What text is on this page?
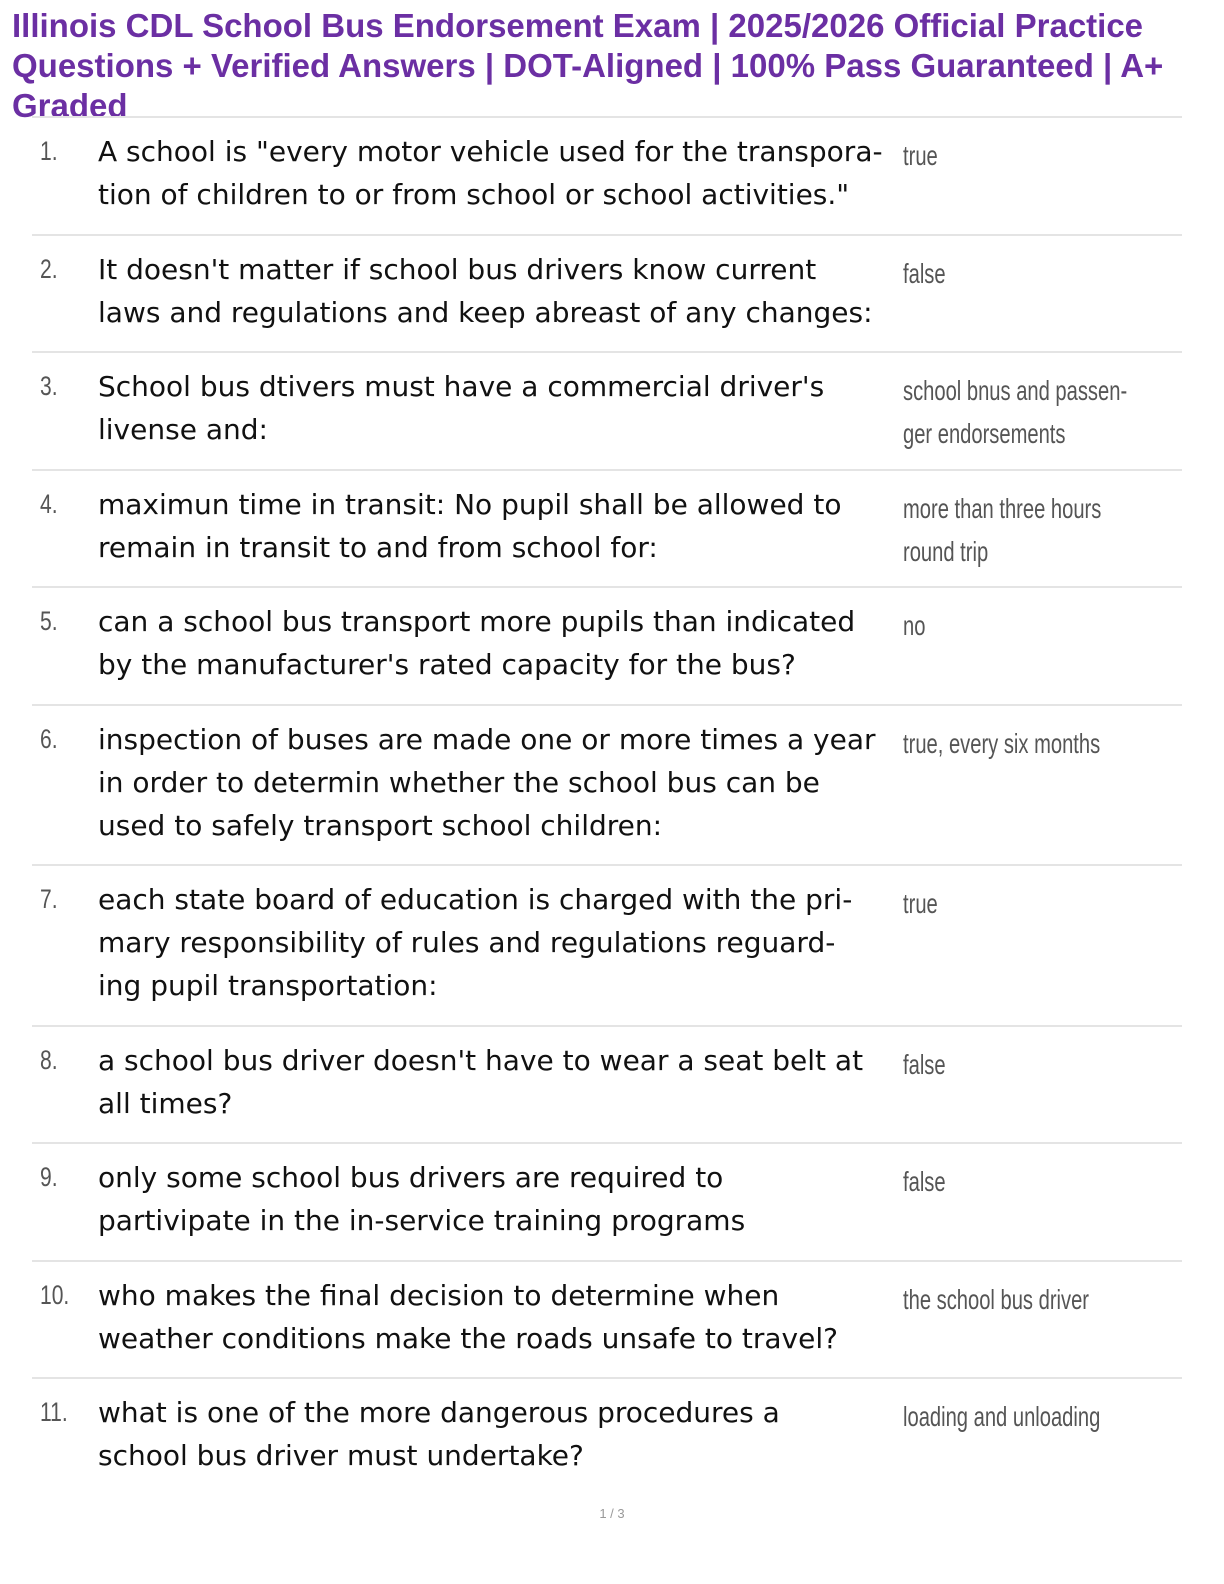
Illinois CDL School Bus Endorsement Exam | 2025/2026 Official Practice Questions + Verified Answers | DOT-Aligned | 100% Pass Guaranteed | A+ Graded
1. A school is "every motor vehicle used for the transpora-
tion of children to or from school or school activities."
true
2. It doesn't matter if school bus drivers know current
laws and regulations and keep abreast of any changes:
false
3. School bus dtivers must have a commercial driver's
livense and:
school bnus and passen-
ger endorsements
4. maximun time in transit: No pupil shall be allowed to
remain in transit to and from school for:
more than three hours
round trip
5. can a school bus transport more pupils than indicated
by the manufacturer's rated capacity for the bus?
no
6. inspection of buses are made one or more times a year
in order to determin whether the school bus can be
used to safely transport school children:
true, every six months
7. each state board of education is charged with the pri-
mary responsibility of rules and regulations reguard-
ing pupil transportation:
true
8. a school bus driver doesn't have to wear a seat belt at
all times?
false
9. only some school bus drivers are required to
partivipate in the in-service training programs
false
10. who makes the final decision to determine when
weather conditions make the roads unsafe to travel?
the school bus driver
11. what is one of the more dangerous procedures a
school bus driver must undertake?
loading and unloading
1 / 3
